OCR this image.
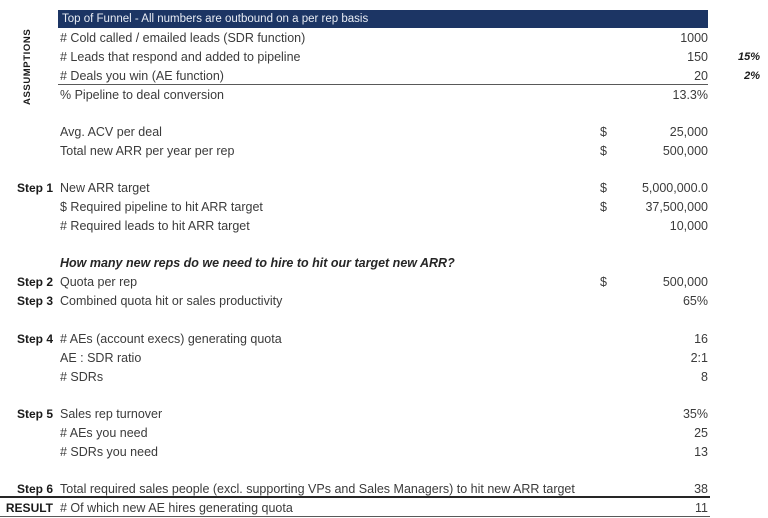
ASSUMPTIONS
Top of Funnel - All numbers are outbound on a per rep basis
# Cold called / emailed leads (SDR function)	1000
# Leads that respond and added to pipeline	150	15%
# Deals you win (AE function)	20	2%
% Pipeline to deal conversion	13.3%
Avg. ACV per deal	$	25,000
Total new ARR per year per rep	$	500,000
Step 1 New ARR target	$	5,000,000.0
$ Required pipeline to hit ARR target	$	37,500,000
# Required leads to hit ARR target	10,000
How many new reps do we need to hire to hit our target new ARR?
Step 2 Quota per rep	$	500,000
Step 3 Combined quota hit or sales productivity	65%
Step 4 # AEs (account execs) generating quota	16
AE : SDR ratio	2:1
# SDRs	8
Step 5 Sales rep turnover	35%
# AEs you need	25
# SDRs you need	13
Step 6 Total required sales people (excl. supporting VPs and Sales Managers) to hit new ARR target	38
RESULT # Of which new AE hires generating quota	11
